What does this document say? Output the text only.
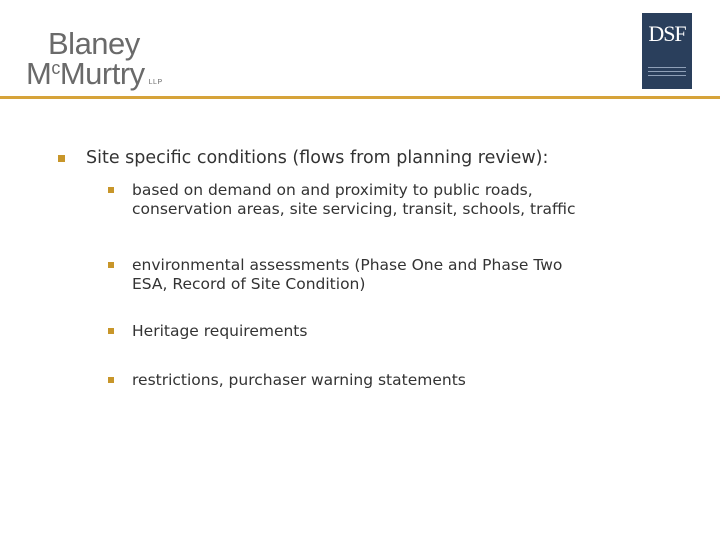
Blaney
$M^cMurtry$ LLP
DSF
Site specific conditions (flows from planning review):
based on demand on and proximity to public roads,
conservation areas, site servicing, transit, schools, traffic
environmental assessments (Phase One and Phase Two
ESA, Record of Site Condition)
Heritage requirements
restrictions, purchaser warning statements
